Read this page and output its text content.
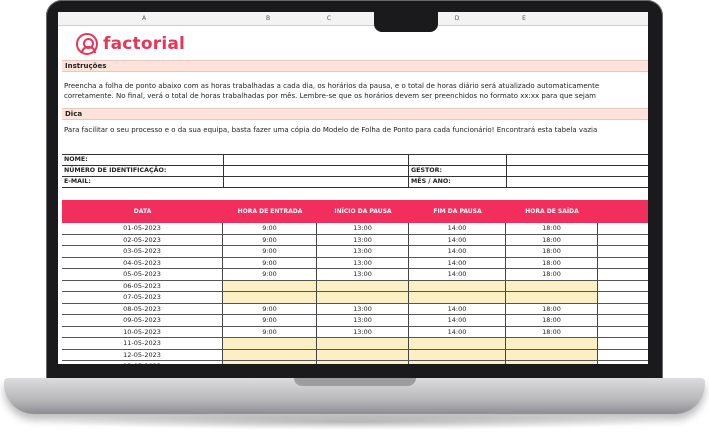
A	B	C	D	E
factorial
Instruções
Preencha a folha de ponto abaixo com as horas trabalhadas a cada dia, os horários da pausa, e o total de horas diário será atualizado automaticamente
corretamente. No final, verá o total de horas trabalhadas por mês. Lembre-se que os horários devem ser preenchidos no formato xx:xx para que sejam
Dica
Para facilitar o seu processo e o da sua equipa, basta fazer uma cópia do Modelo de Folha de Ponto para cada funcionário! Encontrará esta tabela vazia
NOME:
NÚMERO DE IDENTIFICAÇÃO:	GESTOR:
E-MAIL:	MÊS / ANO:
DATA	HORA DE ENTRADA	INÍCIO DA PAUSA	FIM DA PAUSA	HORA DE SAÍDA
01-05-2023	9:00	13:00	14:00	18:00
02-05-2023	9:00	13:00	14:00	18:00
03-05-2023	9:00	13:00	14:00	18:00
04-05-2023	9:00	13:00	14:00	18:00
05-05-2023	9:00	13:00	14:00	18:00
06-05-2023
07-05-2023
08-05-2023	9:00	13:00	14:00	18:00
09-05-2023	9:00	13:00	14:00	18:00
10-05-2023	9:00	13:00	14:00	18:00
11-05-2023
12-05-2023
